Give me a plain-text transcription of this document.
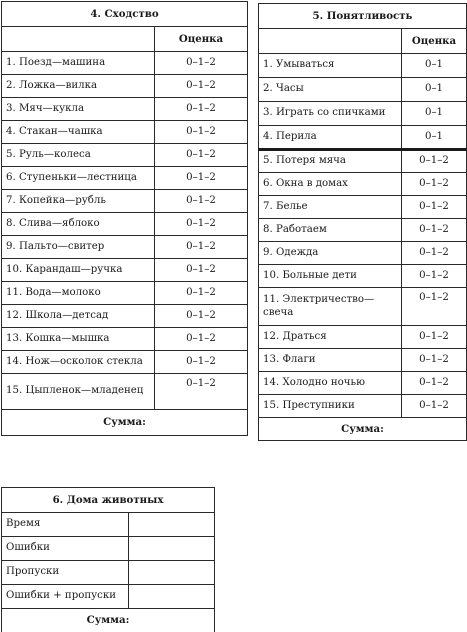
4. Сходство	
	Оценка
1. Поезд—машина	0–1–2
2. Ложка—вилка	0–1–2
3. Мяч—кукла	0–1–2
4. Стакан—чашка	0–1–2
5. Руль—колеса	0–1–2
6. Ступеньки—лестница	0–1–2
7. Копейка—рубль	0–1–2
8. Слива—яблоко	0–1–2
9. Пальто—свитер	0–1–2
10. Карандаш—ручка	0–1–2
11. Вода—молоко	0–1–2
12. Школа—детсад	0–1–2
13. Кошка—мышка	0–1–2
14. Нож—осколок стекла	0–1–2
15. Цыпленок—младенец	0–1–2
Сумма:	
5. Понятливость	
	Оценка
1. Умываться	0–1
2. Часы	0–1
3. Играть со спичками	0–1
4. Перила	0–1
5. Потеря мяча	0–1–2
6. Окна в домах	0–1–2
7. Белье	0–1–2
8. Работаем	0–1–2
9. Одежда	0–1–2
10. Больные дети	0–1–2
11. Электричество—свеча	0–1–2
12. Драться	0–1–2
13. Флаги	0–1–2
14. Холодно ночью	0–1–2
15. Преступники	0–1–2
Сумма:	
6. Дома животных	
Время	
Ошибки	
Пропуски	
Ошибки + пропуски	
Сумма:	
